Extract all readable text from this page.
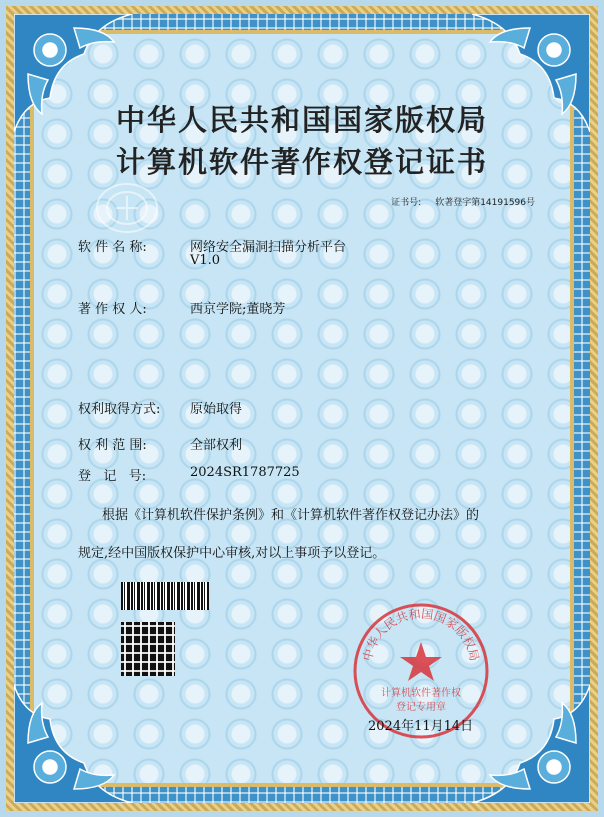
中华人民共和国国家版权局
计算机软件著作权登记证书
证书号: 软著登字第14191596号
软 件 名 称:	网络安全漏洞扫描分析平台
V1.0
著 作 权 人:	西京学院;董晓芳
权利取得方式: 原始取得
权 利 范 围:	全部权利
登   记   号:	2024SR1787725
根据《计算机软件保护条例》和《计算机软件著作权登记办法》的
规定,经中国版权保护中心审核,对以上事项予以登记。
中华人民共和国国家版权局
计算机软件著作权
登记专用章
2024年11月14日
